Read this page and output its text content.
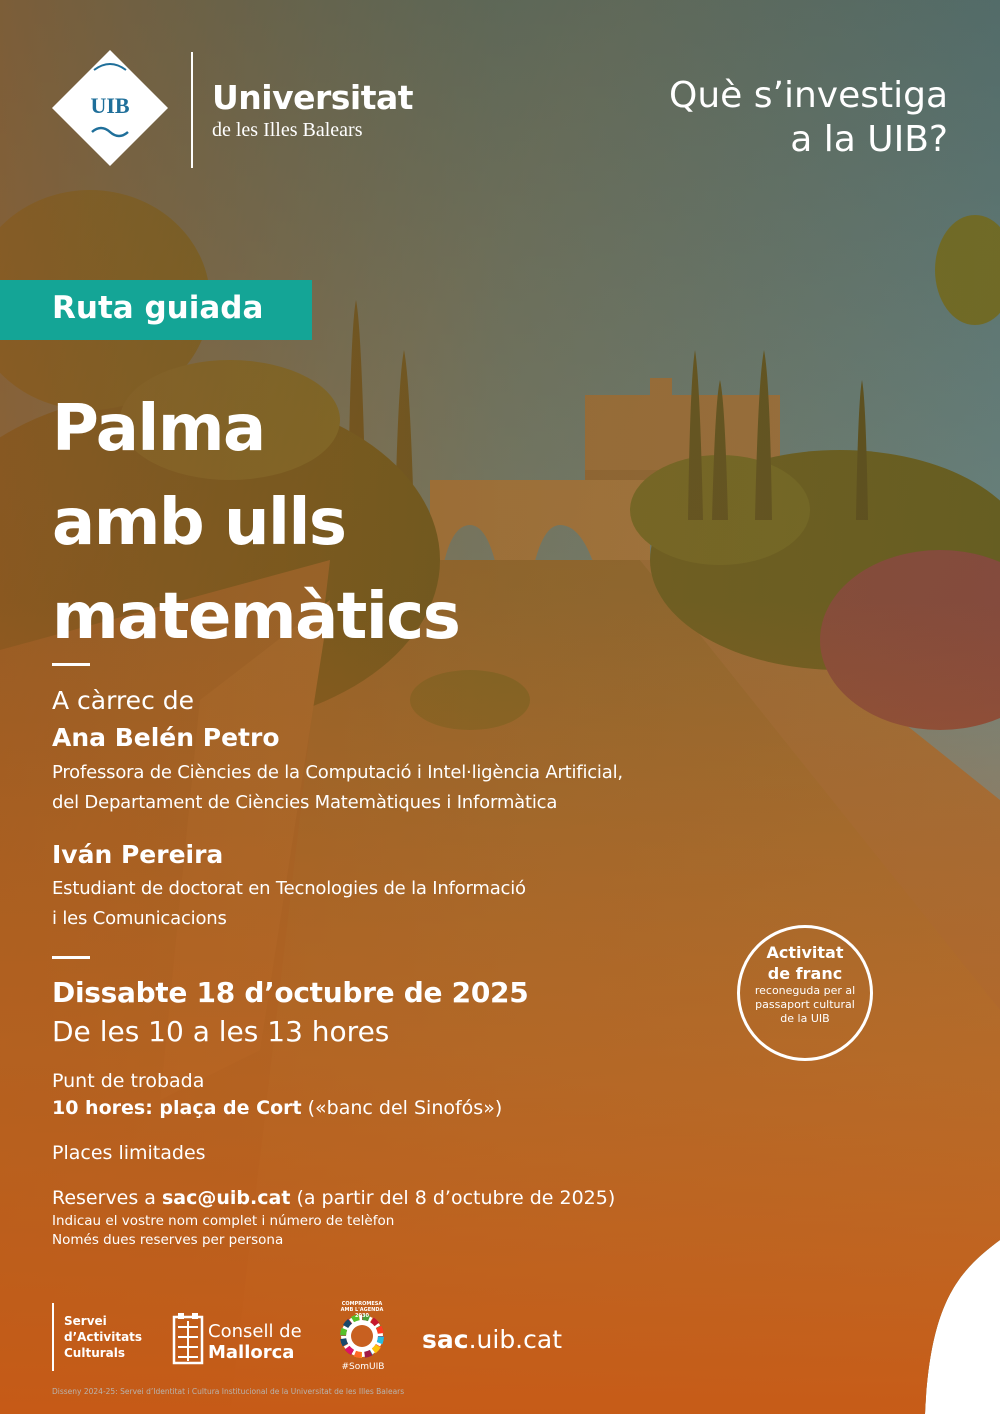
UIB	Universitat
de les Illes Balears
Què s’investiga
a la UIB?
Ruta guiada
Palma
amb ulls
matemàtics
A càrrec de
Ana Belén Petro
Professora de Ciències de la Computació i Intel·ligència Artificial,
del Departament de Ciències Matemàtiques i Informàtica
Iván Pereira
Estudiant de doctorat en Tecnologies de la Informació
i les Comunicacions
Dissabte 18 d’octubre de 2025
De les 10 a les 13 hores
Punt de trobada
10 hores: plaça de Cort («banc del Sinofós»)
Places limitades
Reserves a sac@uib.cat (a partir del 8 d’octubre de 2025)
Indicau el vostre nom complet i número de telèfon
Només dues reserves per persona
Activitat
de franc
reconeguda per al
passaport cultural
de la UIB
Servei
d’Activitats
Culturals
Consell de
Mallorca
COMPROMESA
AMB L'AGENDA 2030
#SomUIB
sac.uib.cat
Disseny 2024-25: Servei d’Identitat i Cultura Institucional de la Universitat de les Illes Balears
